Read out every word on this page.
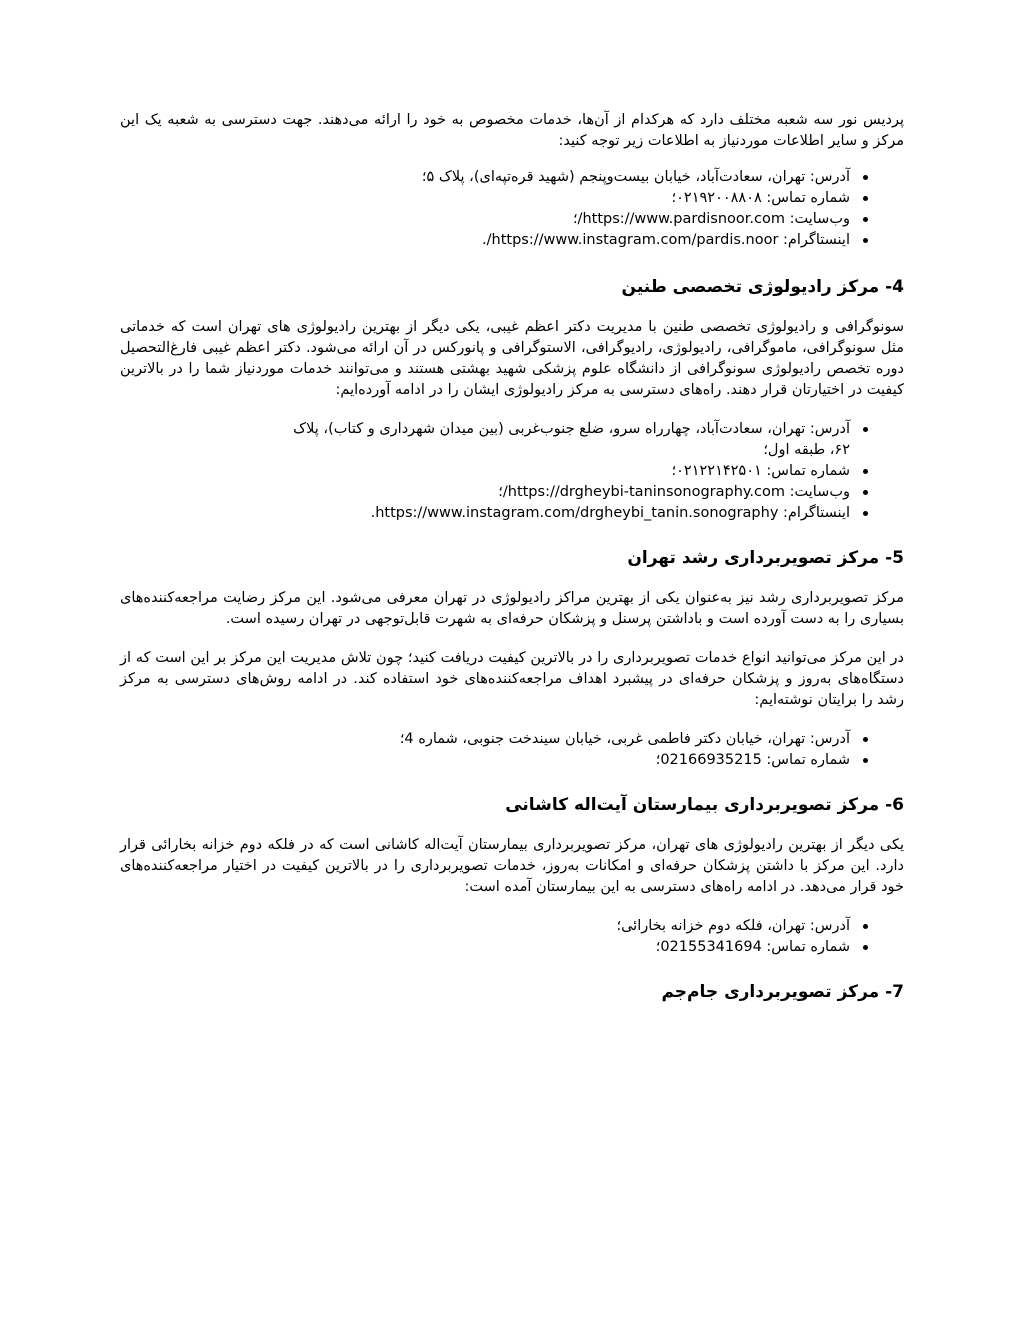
پردیس نور سه شعبه مختلف دارد که هرکدام از آن‌ها، خدمات مخصوص به خود را ارائه می‌دهند. جهت دسترسی به شعبه یک این مرکز و سایر اطلاعات موردنیاز به اطلاعات زیر توجه کنید:

آدرس: تهران، سعادت‌آباد، خیابان بیست‌وپنجم (شهید قره‌تپه‌ای)، پلاک ۵؛
شماره تماس: ۰۲۱۹۲۰۰۸۸۰۸؛
وب‌سایت: https://www.pardisnoor.com/؛
اینستاگرام: https://www.instagram.com/pardis.noor/.
4- مرکز رادیولوژی تخصصی طنین

سونوگرافی و رادیولوژی تخصصی طنین با مدیریت دکتر اعظم غیبی، یکی دیگر از بهترین رادیولوژی های تهران است که خدماتی مثل سونوگرافی، ماموگرافی، رادیولوژی، رادیوگرافی، الاستوگرافی و پانورکس در آن ارائه می‌شود. دکتر اعظم غیبی فارغ‌التحصیل دوره تخصص رادیولوژی سونوگرافی از دانشگاه علوم پزشکی شهید بهشتی هستند و می‌توانند خدمات موردنیاز شما را در بالاترین کیفیت در اختیارتان قرار دهند. راه‌های دسترسی به مرکز رادیولوژی ایشان را در ادامه آورده‌ایم:

آدرس: تهران، سعادت‌آباد، چهارراه سرو، ضلع جنوب‌غربی (بین میدان شهرداری و کتاب)، پلاک ۶۲، طبقه اول؛
شماره تماس: ۰۲۱۲۲۱۴۲۵۰۱؛
وب‌سایت: https://drgheybi-taninsonography.com/؛
اینستاگرام: https://www.instagram.com/drgheybi_tanin.sonography.
5- مرکز تصویربرداری رشد تهران

مرکز تصویربرداری رشد نیز به‌عنوان یکی از بهترین مراکز رادیولوژی در تهران معرفی می‌شود. این مرکز رضایت مراجعه‌کننده‌های بسیاری را به دست آورده است و باداشتن پرسنل و پزشکان حرفه‌ای به شهرت قابل‌توجهی در تهران رسیده است.

در این مرکز می‌توانید انواع خدمات تصویربرداری را در بالاترین کیفیت دریافت کنید؛ چون تلاش مدیریت این مرکز بر این است که از دستگاه‌های به‌روز و پزشکان حرفه‌ای در پیشبرد اهداف مراجعه‌کننده‌های خود استفاده کند. در ادامه روش‌های دسترسی به مرکز رشد را برایتان نوشته‌ایم:

آدرس: تهران، خیابان دکتر فاطمی غربی، خیابان سیندخت جنوبی، شماره 4؛
شماره تماس: 02166935215؛
6- مرکز تصویربرداری بیمارستان آیت‌اله کاشانی

یکی دیگر از بهترین رادیولوژی های تهران، مرکز تصویربرداری بیمارستان آیت‌اله کاشانی است که در فلکه دوم خزانه بخارائی قرار دارد. این مرکز با داشتن پزشکان حرفه‌ای و امکانات به‌روز، خدمات تصویربرداری را در بالاترین کیفیت در اختیار مراجعه‌کننده‌های خود قرار می‌دهد. در ادامه راه‌های دسترسی به این بیمارستان آمده است:

آدرس: تهران، فلکه دوم خزانه بخارائی؛
شماره تماس: 02155341694؛
7- مرکز تصویربرداری جام‌جم
